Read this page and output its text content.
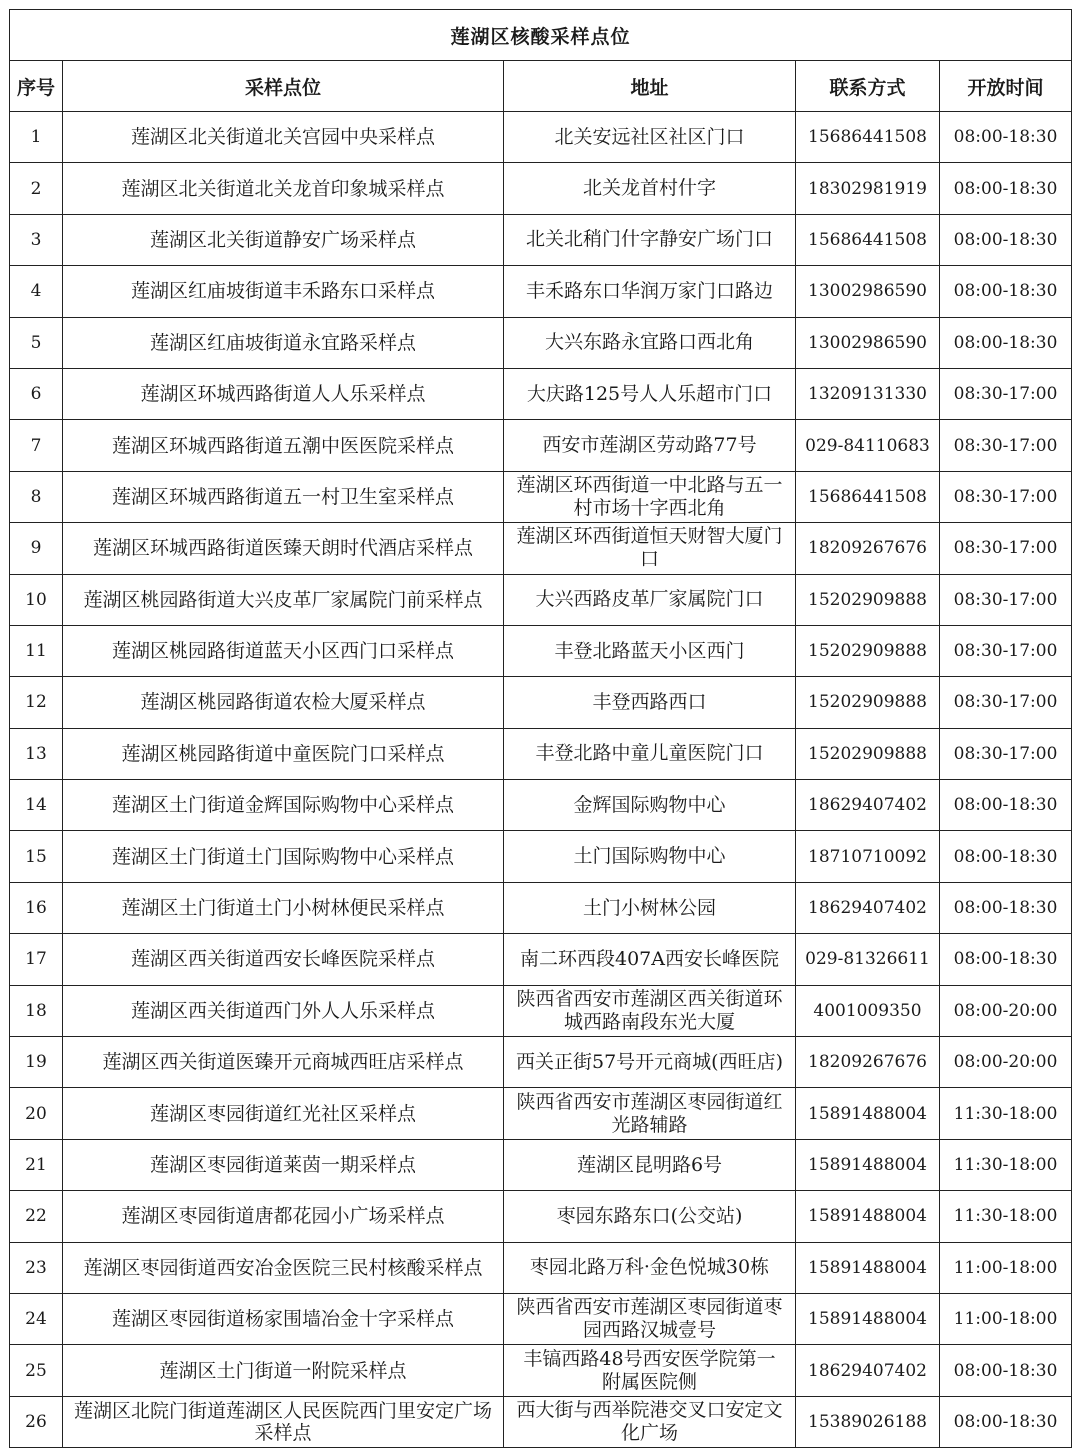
莲湖区核酸采样点位				
序号	采样点位	地址	联系方式	开放时间
1	莲湖区北关街道北关宫园中央采样点	北关安远社区社区门口	15686441508	08:00-18:30
2	莲湖区北关街道北关龙首印象城采样点	北关龙首村什字	18302981919	08:00-18:30
3	莲湖区北关街道静安广场采样点	北关北稍门什字静安广场门口	15686441508	08:00-18:30
4	莲湖区红庙坡街道丰禾路东口采样点	丰禾路东口华润万家门口路边	13002986590	08:00-18:30
5	莲湖区红庙坡街道永宜路采样点	大兴东路永宜路口西北角	13002986590	08:00-18:30
6	莲湖区环城西路街道人人乐采样点	大庆路125号人人乐超市门口	13209131330	08:30-17:00
7	莲湖区环城西路街道五潮中医医院采样点	西安市莲湖区劳动路77号	029-84110683	08:30-17:00
8	莲湖区环城西路街道五一村卫生室采样点	莲湖区环西街道一中北路与五一村市场十字西北角	15686441508	08:30-17:00
9	莲湖区环城西路街道医臻天朗时代酒店采样点	莲湖区环西街道恒天财智大厦门口	18209267676	08:30-17:00
10	莲湖区桃园路街道大兴皮革厂家属院门前采样点	大兴西路皮革厂家属院门口	15202909888	08:30-17:00
11	莲湖区桃园路街道蓝天小区西门口采样点	丰登北路蓝天小区西门	15202909888	08:30-17:00
12	莲湖区桃园路街道农检大厦采样点	丰登西路西口	15202909888	08:30-17:00
13	莲湖区桃园路街道中童医院门口采样点	丰登北路中童儿童医院门口	15202909888	08:30-17:00
14	莲湖区土门街道金辉国际购物中心采样点	金辉国际购物中心	18629407402	08:00-18:30
15	莲湖区土门街道土门国际购物中心采样点	土门国际购物中心	18710710092	08:00-18:30
16	莲湖区土门街道土门小树林便民采样点	土门小树林公园	18629407402	08:00-18:30
17	莲湖区西关街道西安长峰医院采样点	南二环西段407A西安长峰医院	029-81326611	08:00-18:30
18	莲湖区西关街道西门外人人乐采样点	陕西省西安市莲湖区西关街道环城西路南段东光大厦	4001009350	08:00-20:00
19	莲湖区西关街道医臻开元商城西旺店采样点	西关正街57号开元商城(西旺店)	18209267676	08:00-20:00
20	莲湖区枣园街道红光社区采样点	陕西省西安市莲湖区枣园街道红光路辅路	15891488004	11:30-18:00
21	莲湖区枣园街道莱茵一期采样点	莲湖区昆明路6号	15891488004	11:30-18:00
22	莲湖区枣园街道唐都花园小广场采样点	枣园东路东口(公交站)	15891488004	11:30-18:00
23	莲湖区枣园街道西安冶金医院三民村核酸采样点	枣园北路万科·金色悦城30栋	15891488004	11:00-18:00
24	莲湖区枣园街道杨家围墙冶金十字采样点	陕西省西安市莲湖区枣园街道枣园西路汉城壹号	15891488004	11:00-18:00
25	莲湖区土门街道一附院采样点	丰镐西路48号西安医学院第一附属医院侧	18629407402	08:00-18:30
26	莲湖区北院门街道莲湖区人民医院西门里安定广场采样点	西大街与西举院港交叉口安定文化广场	15389026188	08:00-18:30
